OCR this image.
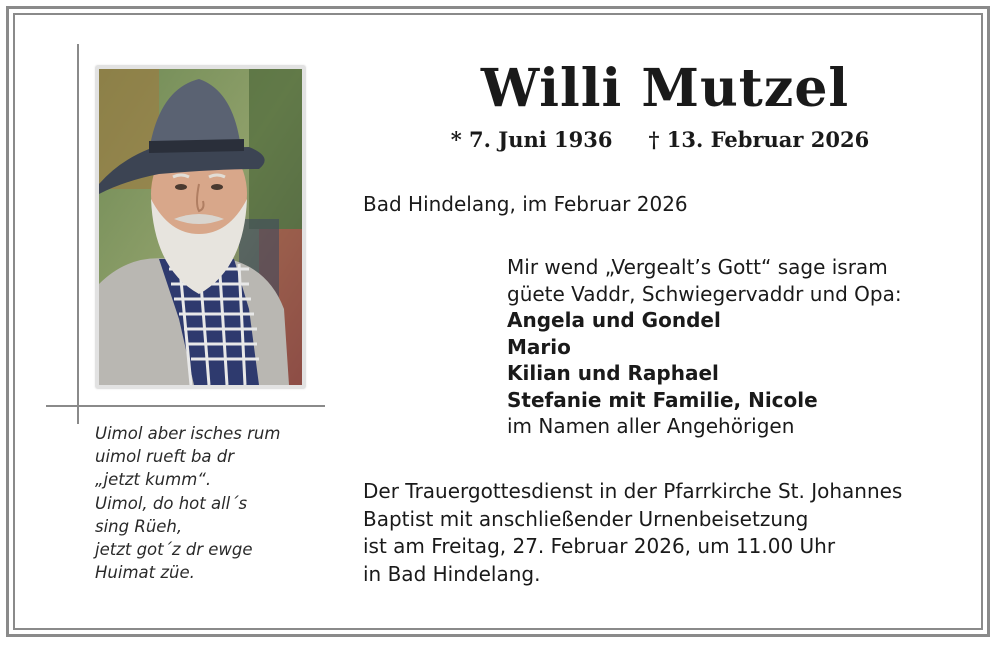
Uimol aber isches rum
uimol rueft ba dr
„jetzt kumm“.
Uimol, do hot all´s
sing Rüeh,
jetzt got´z dr ewge
Huimat züe.
Willi Mutzel
* 7. Juni 1936 † 13. Februar 2026
Bad Hindelang, im Februar 2026
Mir wend „Vergealt’s Gott“ sage isram
güete Vaddr, Schwiegervaddr und Opa:
Angela und Gondel
Mario
Kilian und Raphael
Stefanie mit Familie, Nicole
im Namen aller Angehörigen
Der Trauergottesdienst in der Pfarrkirche St. Johannes
Baptist mit anschließender Urnenbeisetzung
ist am Freitag, 27. Februar 2026, um 11.00 Uhr
in Bad Hindelang.
